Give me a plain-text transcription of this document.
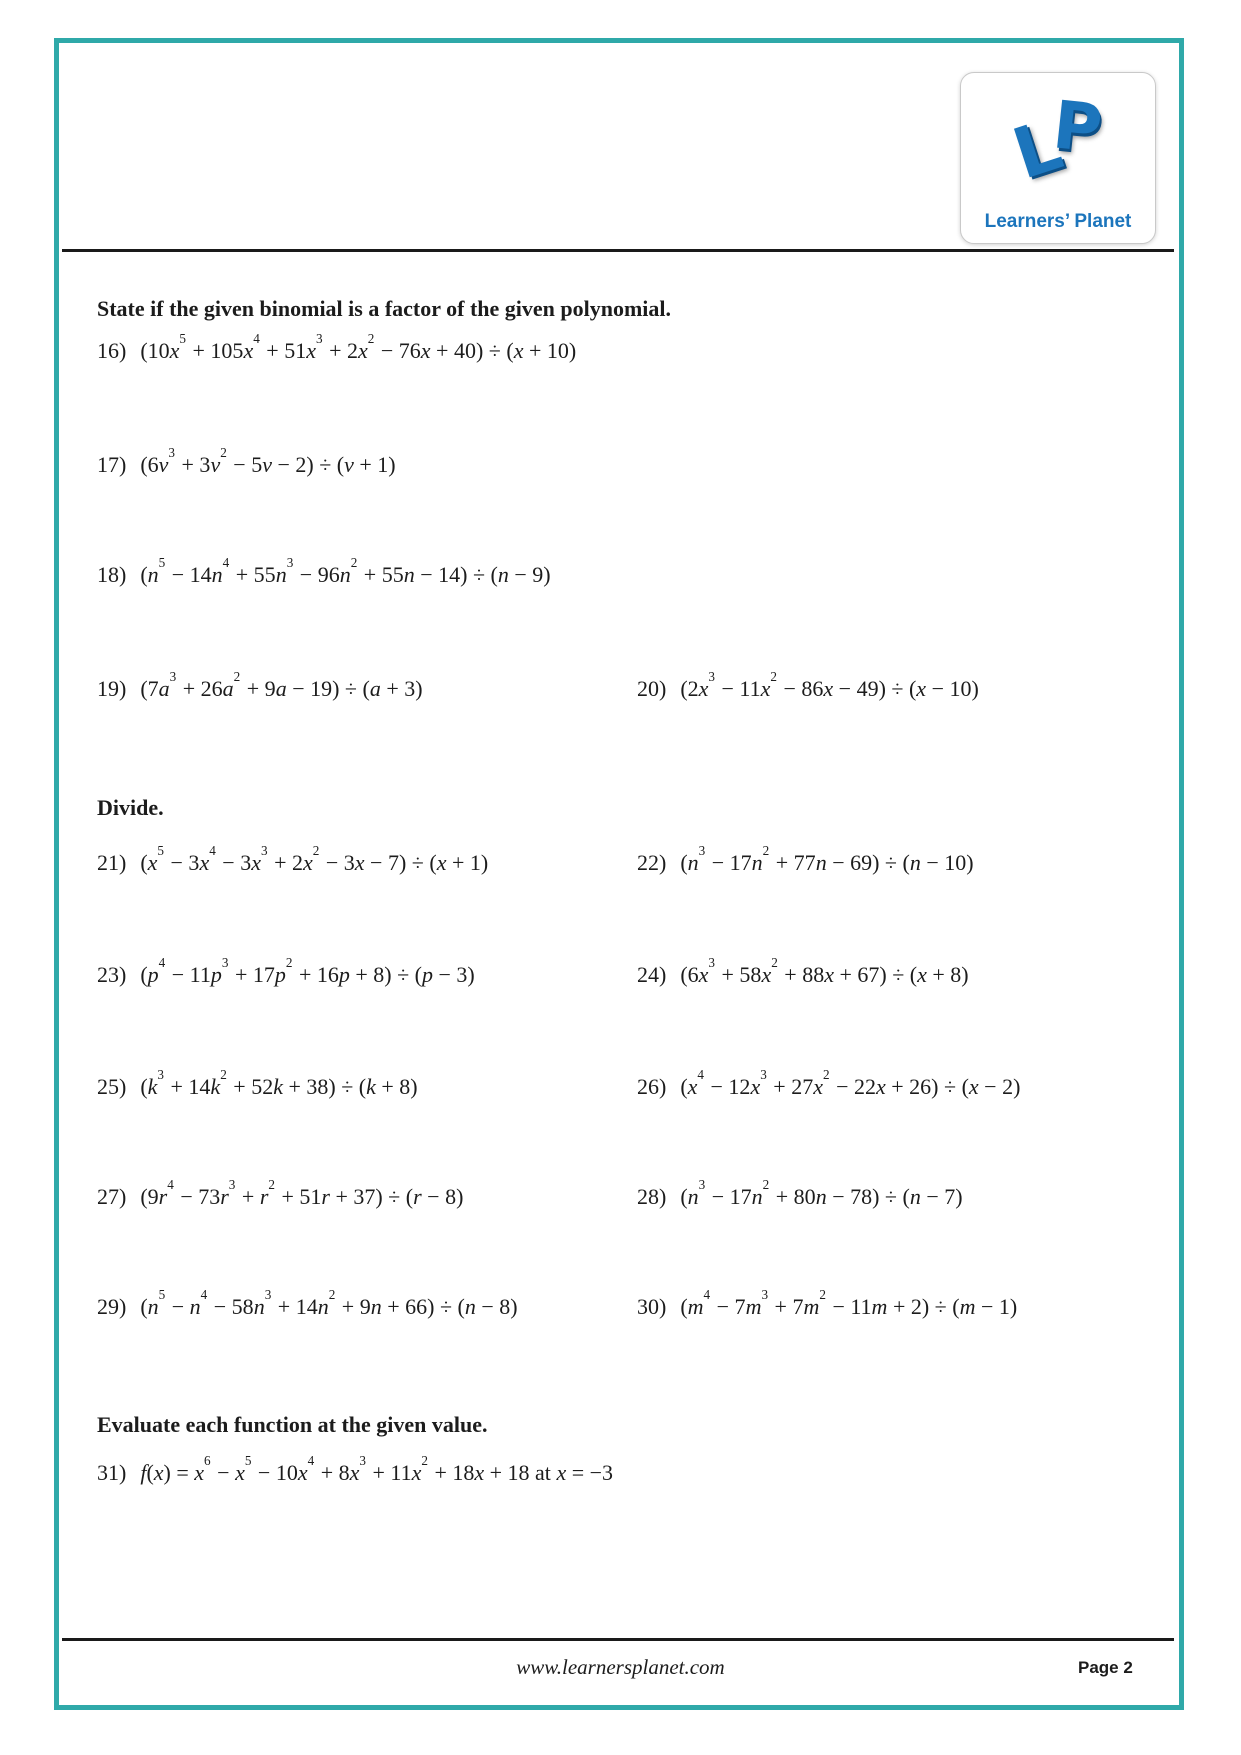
L
P
Learners’ Planet
State if the given binomial is a factor of the given polynomial.
16) $(10x^5 + 105x^4 + 51x^3 + 2x^2 - 76x + 40) \div (x + 10)$
17) $(6v^3 + 3v^2 - 5v - 2) \div (v + 1)$
18) $(n^5 - 14n^4 + 55n^3 - 96n^2 + 55n - 14) \div (n - 9)$
19) $(7a^3 + 26a^2 + 9a - 19) \div (a + 3)$	20) $(2x^3 - 11x^2 - 86x - 49) \div (x - 10)$
Divide.
21) $(x^5 - 3x^4 - 3x^3 + 2x^2 - 3x - 7) \div (x + 1)$	22) $(n^3 - 17n^2 + 77n - 69) \div (n - 10)$
23) $(p^4 - 11p^3 + 17p^2 + 16p + 8) \div (p - 3)$	24) $(6x^3 + 58x^2 + 88x + 67) \div (x + 8)$
25) $(k^3 + 14k^2 + 52k + 38) \div (k + 8)$	26) $(x^4 - 12x^3 + 27x^2 - 22x + 26) \div (x - 2)$
27) $(9r^4 - 73r^3 + r^2 + 51r + 37) \div (r - 8)$	28) $(n^3 - 17n^2 + 80n - 78) \div (n - 7)$
29) $(n^5 - n^4 - 58n^3 + 14n^2 + 9n + 66) \div (n - 8)$	30) $(m^4 - 7m^3 + 7m^2 - 11m + 2) \div (m - 1)$
Evaluate each function at the given value.
31) $f(x) = x^6 - x^5 - 10x^4 + 8x^3 + 11x^2 + 18x + 18$ at x = −3
www.learnersplanet.com	Page 2
